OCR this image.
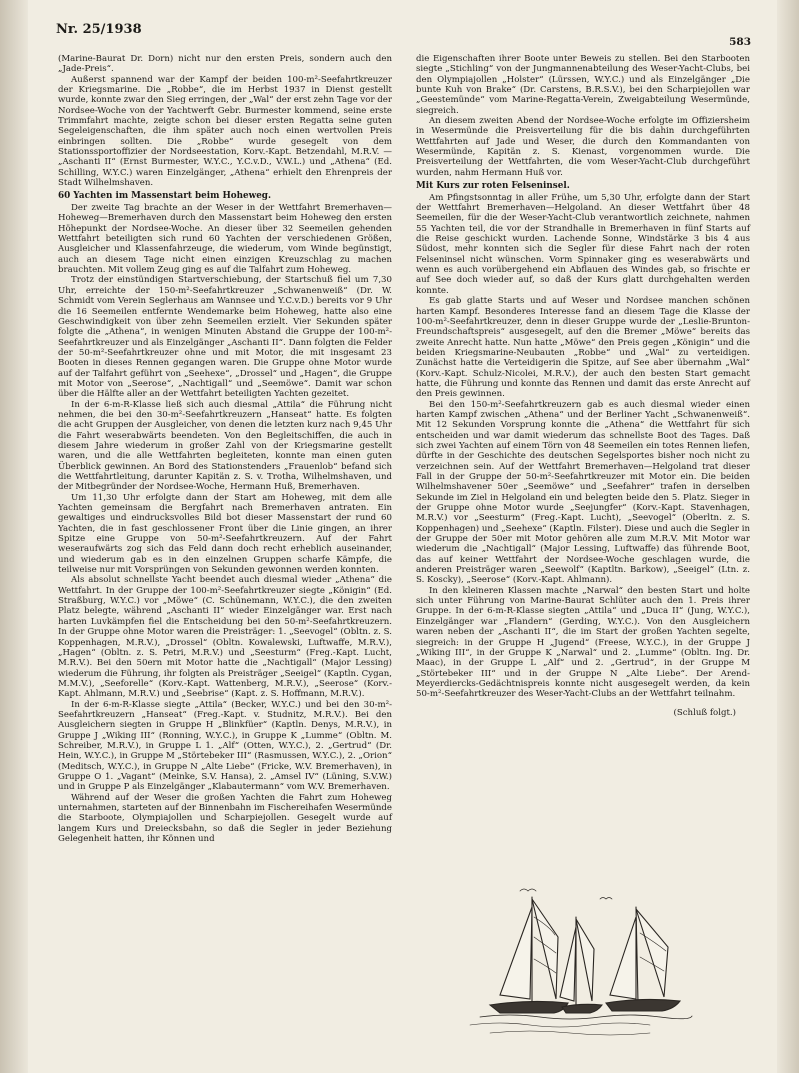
Nr. 25/1938
583

(Marine-Baurat Dr. Dorn) nicht nur den ersten Preis, sondern auch den „Jade-Preis“.

Außerst spannend war der Kampf der beiden 100-m²-Seefahrtkreuzer der Kriegsmarine. Die „Robbe“, die im Herbst 1937 in Dienst gestellt wurde, konnte zwar den Sieg erringen, der „Wal“ der erst zehn Tage vor der Nordsee-Woche von der Yachtwerft Gebr. Burmester kommend, seine erste Trimmfahrt machte, zeigte schon bei dieser ersten Regatta seine guten Segeleigenschaften, die ihm später auch noch einen wertvollen Preis einbringen sollten. Die „Robbe“ wurde gesegelt von dem Stationssportoffizier der Nordseestation, Korv.-Kapt. Betzendahl, M.R.V. — „Aschanti II“ (Ernst Burmester, W.Y.C., Y.C.v.D., V.W.L.) und „Athena“ (Ed. Schilling, W.Y.C.) waren Einzelgänger, „Athena“ erhielt den Ehrenpreis der Stadt Wilhelmshaven.

60 Yachten im Massenstart beim Hoheweg.

Der zweite Tag brachte an der Weser in der Wettfahrt Bremerhaven—Hoheweg—Bremerhaven durch den Massenstart beim Hoheweg den ersten Höhepunkt der Nordsee-Woche. An dieser über 32 Seemeilen gehenden Wettfahrt beteiligten sich rund 60 Yachten der verschiedenen Größen, Ausgleicher und Klassenfahrzeuge, die wiederum, vom Winde begünstigt, auch an diesem Tage nicht einen einzigen Kreuzschlag zu machen brauchten. Mit vollem Zeug ging es auf die Talfahrt zum Hoheweg.

Trotz der einstündigen Startverschiebung, der Startschuß fiel um 7,30 Uhr, erreichte der 150-m²-Seefahrtkreuzer „Schwanenweiß“ (Dr. W. Schmidt vom Verein Seglerhaus am Wannsee und Y.C.v.D.) bereits vor 9 Uhr die 16 Seemeilen entfernte Wendemarke beim Hoheweg, hatte also eine Geschwindigkeit von über zehn Seemeilen erzielt. Vier Sekunden später folgte die „Athena“, in wenigen Minuten Abstand die Gruppe der 100-m²-Seefahrtkreuzer und als Einzelgänger „Aschanti II“. Dann folgten die Felder der 50-m²-Seefahrtkreuzer ohne und mit Motor, die mit insgesamt 23 Booten in dieses Rennen gegangen waren. Die Gruppe ohne Motor wurde auf der Talfahrt geführt von „Seehexe“, „Drossel“ und „Hagen“, die Gruppe mit Motor von „Seerose“, „Nachtigall“ und „Seemöwe“. Damit war schon über die Hälfte aller an der Wettfahrt beteiligten Yachten gezeitet.

In der 6-m-R-Klasse ließ sich auch diesmal „Attila“ die Führung nicht nehmen, die bei den 30-m²-Seefahrtkreuzern „Hanseat“ hatte. Es folgten die acht Gruppen der Ausgleicher, von denen die letzten kurz nach 9,45 Uhr die Fahrt weserabwärts beendeten. Von den Begleitschiffen, die auch in diesem Jahre wiederum in großer Zahl von der Kriegsmarine gestellt waren, und die alle Wettfahrten begleiteten, konnte man einen guten Überblick gewinnen. An Bord des Stationstenders „Frauenlob“ befand sich die Wettfahrtleitung, darunter Kapitän z. S. v. Trotha, Wilhelmshaven, und der Mitbegründer der Nordsee-Woche, Hermann Huß, Bremerhaven.

Um 11,30 Uhr erfolgte dann der Start am Hoheweg, mit dem alle Yachten gemeinsam die Bergfahrt nach Bremerhaven antraten. Ein gewaltiges und eindrucksvolles Bild bot dieser Massenstart der rund 60 Yachten, die in fast geschlossener Front über die Linie gingen, an ihrer Spitze eine Gruppe von 50-m²-Seefahrtkreuzern. Auf der Fahrt weseraufwärts zog sich das Feld dann doch recht erheblich auseinander, und wiederum gab es in den einzelnen Gruppen scharfe Kämpfe, die teilweise nur mit Vorsprüngen von Sekunden gewonnen werden konnten.

Als absolut schnellste Yacht beendet auch diesmal wieder „Athena“ die Wettfahrt. In der Gruppe der 100-m²-Seefahrtkreuzer siegte „Königin“ (Ed. Straßburg, W.Y.C.) vor „Möwe“ (C. Schünemann, W.Y.C.), die den zweiten Platz belegte, während „Aschanti II“ wieder Einzelgänger war. Erst nach harten Luvkämpfen fiel die Entscheidung bei den 50-m²-Seefahrtkreuzern. In der Gruppe ohne Motor waren die Preisträger: 1. „Seevogel“ (Obltn. z. S. Koppenhagen, M.R.V.), „Drossel“ (Obltn. Kowalewski, Luftwaffe, M.R.V.), „Hagen“ (Obltn. z. S. Petri, M.R.V.) und „Seesturm“ (Freg.-Kapt. Lucht, M.R.V.). Bei den 50ern mit Motor hatte die „Nachtigall“ (Major Lessing) wiederum die Führung, ihr folgten als Preisträger „Seeigel“ (Kaptln. Cygan, M.M.V.), „Seeforelle“ (Korv.-Kapt. Wattenberg, M.R.V.), „Seerose“ (Korv.-Kapt. Ahlmann, M.R.V.) und „Seebrise“ (Kapt. z. S. Hoffmann, M.R.V.).

In der 6-m-R-Klasse siegte „Attila“ (Becker, W.Y.C.) und bei den 30-m²-Seefahrtkreuzern „Hanseat“ (Freg.-Kapt. v. Studnitz, M.R.V.). Bei den Ausgleichern siegten in Gruppe H „Blinkfüer“ (Kaptln. Denys, M.R.V.), in Gruppe J „Wiking III“ (Ronning, W.Y.C.), in Gruppe K „Lumme“ (Obltn. M. Schreiber, M.R.V.), in Gruppe L 1. „Alf“ (Otten, W.Y.C.), 2. „Gertrud“ (Dr. Hein, W.Y.C.), in Gruppe M „Störtebeker III“ (Rasmussen, W.Y.C.), 2. „Orion“ (Meditsch, W.Y.C.), in Gruppe N „Alte Liebe“ (Fricke, W.V. Bremerhaven), in Gruppe O 1. „Vagant“ (Meinke, S.V. Hansa), 2. „Amsel IV“ (Lüning, S.V.W.) und in Gruppe P als Einzelgänger „Klabautermann“ vom W.V. Bremerhaven.

Während auf der Weser die großen Yachten die Fahrt zum Hoheweg unternahmen, starteten auf der Binnenbahn im Fischereihafen Wesermünde die Starboote, Olympiajollen und Scharpiejollen. Gesegelt wurde auf langem Kurs und Dreiecksbahn, so daß die Segler in jeder Beziehung Gelegenheit hatten, ihr Können und

die Eigenschaften ihrer Boote unter Beweis zu stellen. Bei den Starbooten siegte „Stichling“ von der Jungmannenabteilung des Weser-Yacht-Clubs, bei den Olympiajollen „Holster“ (Lürssen, W.Y.C.) und als Einzelgänger „Die bunte Kuh von Brake“ (Dr. Carstens, B.R.S.V.), bei den Scharpiejollen war „Geestemünde“ vom Marine-Regatta-Verein, Zweigabteilung Wesermünde, siegreich.

An diesem zweiten Abend der Nordsee-Woche erfolgte im Offiziersheim in Wesermünde die Preisverteilung für die bis dahin durchgeführten Wettfahrten auf Jade und Weser, die durch den Kommandanten von Wesermünde, Kapitän z. S. Kienast, vorgenommen wurde. Die Preisverteilung der Wettfahrten, die vom Weser-Yacht-Club durchgeführt wurden, nahm Hermann Huß vor.

Mit Kurs zur roten Felseninsel.

Am Pfingstsonntag in aller Frühe, um 5,30 Uhr, erfolgte dann der Start der Wettfahrt Bremerhaven—Helgoland. An dieser Wettfahrt über 48 Seemeilen, für die der Weser-Yacht-Club verantwortlich zeichnete, nahmen 55 Yachten teil, die vor der Strandhalle in Bremerhaven in fünf Starts auf die Reise geschickt wurden. Lachende Sonne, Windstärke 3 bis 4 aus Südost, mehr konnten sich die Segler für diese Fahrt nach der roten Felseninsel nicht wünschen. Vorm Spinnaker ging es weserabwärts und wenn es auch vorübergehend ein Abflauen des Windes gab, so frischte er auf See doch wieder auf, so daß der Kurs glatt durchgehalten werden konnte.

Es gab glatte Starts und auf Weser und Nordsee manchen schönen harten Kampf. Besonderes Interesse fand an diesem Tage die Klasse der 100-m²-Seefahrtkreuzer, denn in dieser Gruppe wurde der „Leslie-Brunton-Freundschaftspreis“ ausgesegelt, auf den die Bremer „Möwe“ bereits das zweite Anrecht hatte. Nun hatte „Möwe“ den Preis gegen „Königin“ und die beiden Kriegsmarine-Neubauten „Robbe“ und „Wal“ zu verteidigen. Zunächst hatte die Verteidigerin die Spitze, auf See aber übernahm „Wal“ (Korv.-Kapt. Schulz-Nicolei, M.R.V.), der auch den besten Start gemacht hatte, die Führung und konnte das Rennen und damit das erste Anrecht auf den Preis gewinnen.

Bei den 150-m²-Seefahrtkreuzern gab es auch diesmal wieder einen harten Kampf zwischen „Athena“ und der Berliner Yacht „Schwanenweiß“. Mit 12 Sekunden Vorsprung konnte die „Athena“ die Wettfahrt für sich entscheiden und war damit wiederum das schnellste Boot des Tages. Daß sich zwei Yachten auf einem Törn von 48 Seemeilen ein totes Rennen liefen, dürfte in der Geschichte des deutschen Segelsportes bisher noch nicht zu verzeichnen sein. Auf der Wettfahrt Bremerhaven—Helgoland trat dieser Fall in der Gruppe der 50-m²-Seefahrtkreuzer mit Motor ein. Die beiden Wilhelmshavener 50er „Seemöwe“ und „Seefahrer“ trafen in derselben Sekunde im Ziel in Helgoland ein und belegten beide den 5. Platz. Sieger in der Gruppe ohne Motor wurde „Seejungfer“ (Korv.-Kapt. Stavenhagen, M.R.V.) vor „Seesturm“ (Freg.-Kapt. Lucht), „Seevogel“ (Oberltn. z. S. Koppenhagen) und „Seehexe“ (Kaptln. Filster). Diese und auch die Segler in der Gruppe der 50er mit Motor gehören alle zum M.R.V. Mit Motor war wiederum die „Nachtigall“ (Major Lessing, Luftwaffe) das führende Boot, das auf keiner Wettfahrt der Nordsee-Woche geschlagen wurde, die anderen Preisträger waren „Seewolf“ (Kaptltn. Barkow), „Seeigel“ (Ltn. z. S. Koscky), „Seerose“ (Korv.-Kapt. Ahlmann).

In den kleineren Klassen machte „Narwal“ den besten Start und holte sich unter Führung von Marine-Baurat Schlüter auch den 1. Preis ihrer Gruppe. In der 6-m-R-Klasse siegten „Attila“ und „Duca II“ (Jung, W.Y.C.), Einzelgänger war „Flandern“ (Gerding, W.Y.C.). Von den Ausgleichern waren neben der „Aschanti II“, die im Start der großen Yachten segelte, siegreich: in der Gruppe H „Jugend“ (Freese, W.Y.C.), in der Gruppe J „Wiking III“, in der Gruppe K „Narwal“ und 2. „Lumme“ (Obltn. Ing. Dr. Maac), in der Gruppe L „Alf“ und 2. „Gertrud“, in der Gruppe M „Störtebeker III“ und in der Gruppe N „Alte Liebe“. Der Arend-Meyerdiercks-Gedächtnispreis konnte nicht ausgesegelt werden, da kein 50-m²-Seefahrtkreuzer des Weser-Yacht-Clubs an der Wettfahrt teilnahm.

(Schluß folgt.)
